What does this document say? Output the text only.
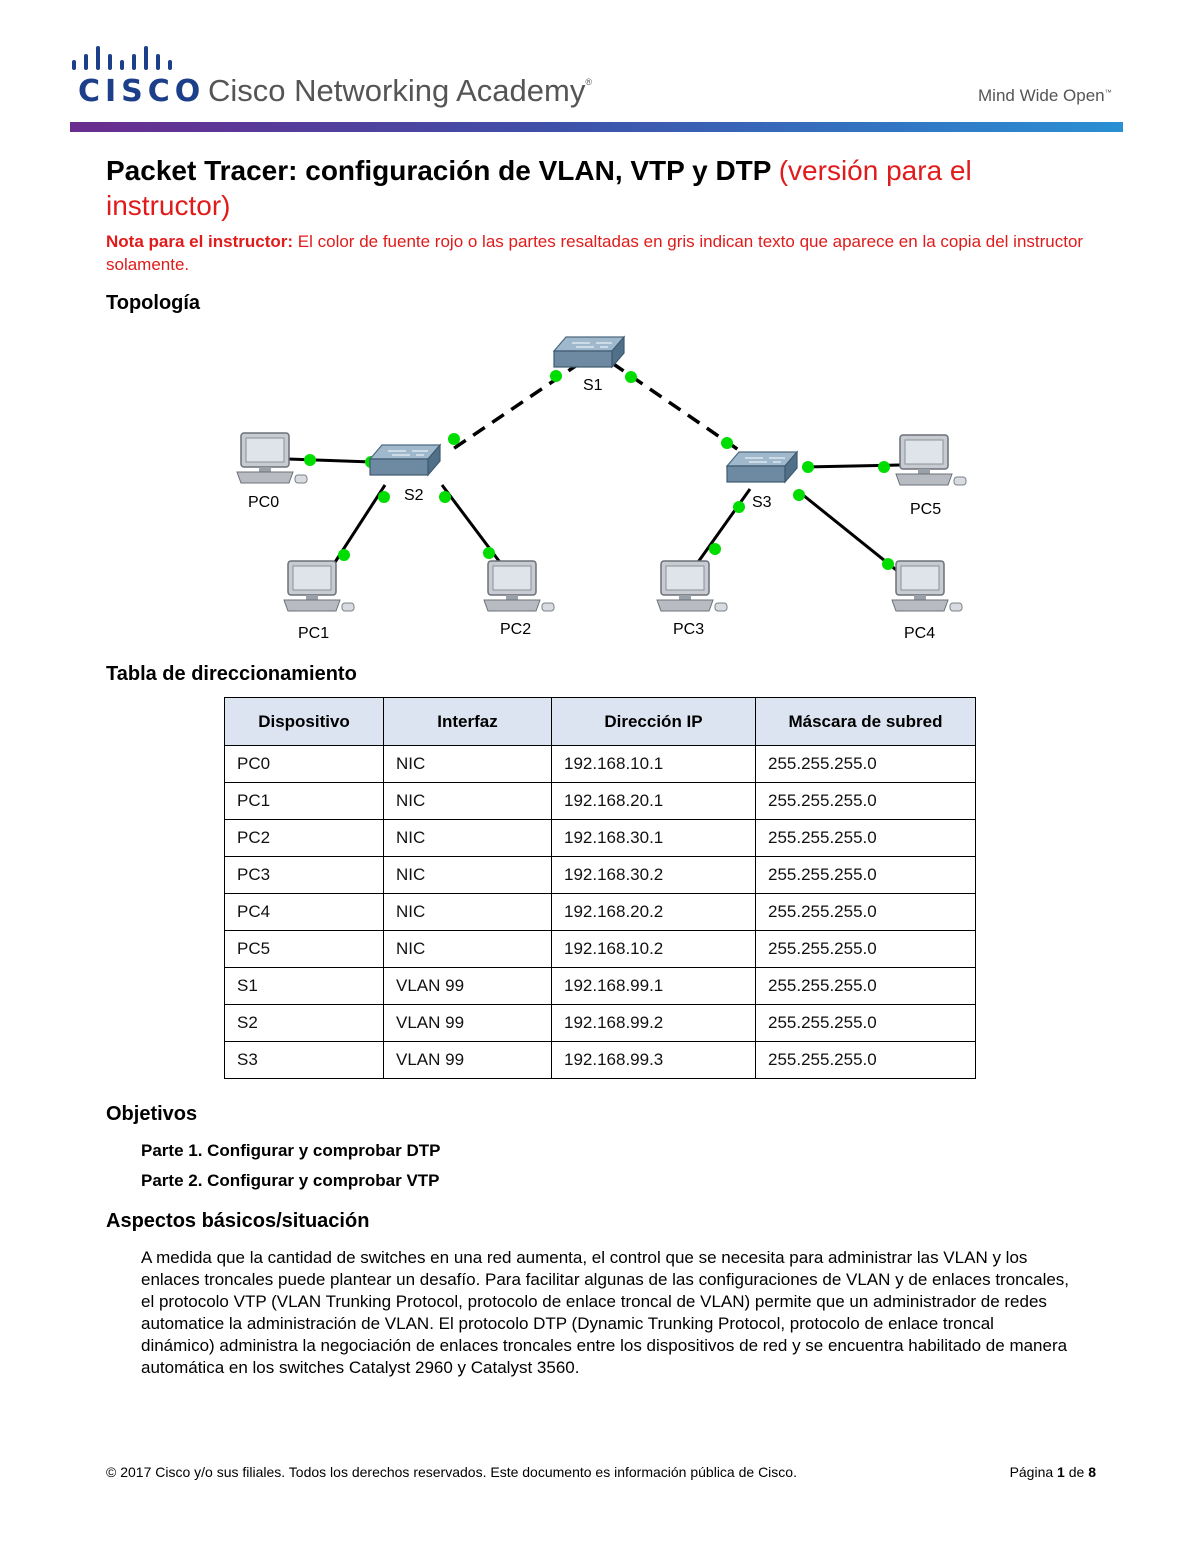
CISCO Cisco Networking Academy®
Mind Wide Open™
Packet Tracer: configuración de VLAN, VTP y DTP (versión para el instructor)

Nota para el instructor: El color de fuente rojo o las partes resaltadas en gris indican texto que aparece en la copia del instructor solamente.

Topología
S1
S2	S3
PC0
PC1	PC2	PC3	PC4
PC5
Tabla de direccionamiento
Dispositivo	Interfaz	Dirección IP	Máscara de subred
PC0	NIC	192.168.10.1	255.255.255.0
PC1	NIC	192.168.20.1	255.255.255.0
PC2	NIC	192.168.30.1	255.255.255.0
PC3	NIC	192.168.30.2	255.255.255.0
PC4	NIC	192.168.20.2	255.255.255.0
PC5	NIC	192.168.10.2	255.255.255.0
S1	VLAN 99	192.168.99.1	255.255.255.0
S2	VLAN 99	192.168.99.2	255.255.255.0
S3	VLAN 99	192.168.99.3	255.255.255.0
Objetivos

Parte 1. Configurar y comprobar DTP

Parte 2. Configurar y comprobar VTP

Aspectos básicos/situación

A medida que la cantidad de switches en una red aumenta, el control que se necesita para administrar las VLAN y los enlaces troncales puede plantear un desafío. Para facilitar algunas de las configuraciones de VLAN y de enlaces troncales, el protocolo VTP (VLAN Trunking Protocol, protocolo de enlace troncal de VLAN) permite que un administrador de redes automatice la administración de VLAN. El protocolo DTP (Dynamic Trunking Protocol, protocolo de enlace troncal dinámico) administra la negociación de enlaces troncales entre los dispositivos de red y se encuentra habilitado de manera automática en los switches Catalyst 2960 y Catalyst 3560.

© 2017 Cisco y/o sus filiales. Todos los derechos reservados. Este documento es información pública de Cisco.	Página 1 de 8
